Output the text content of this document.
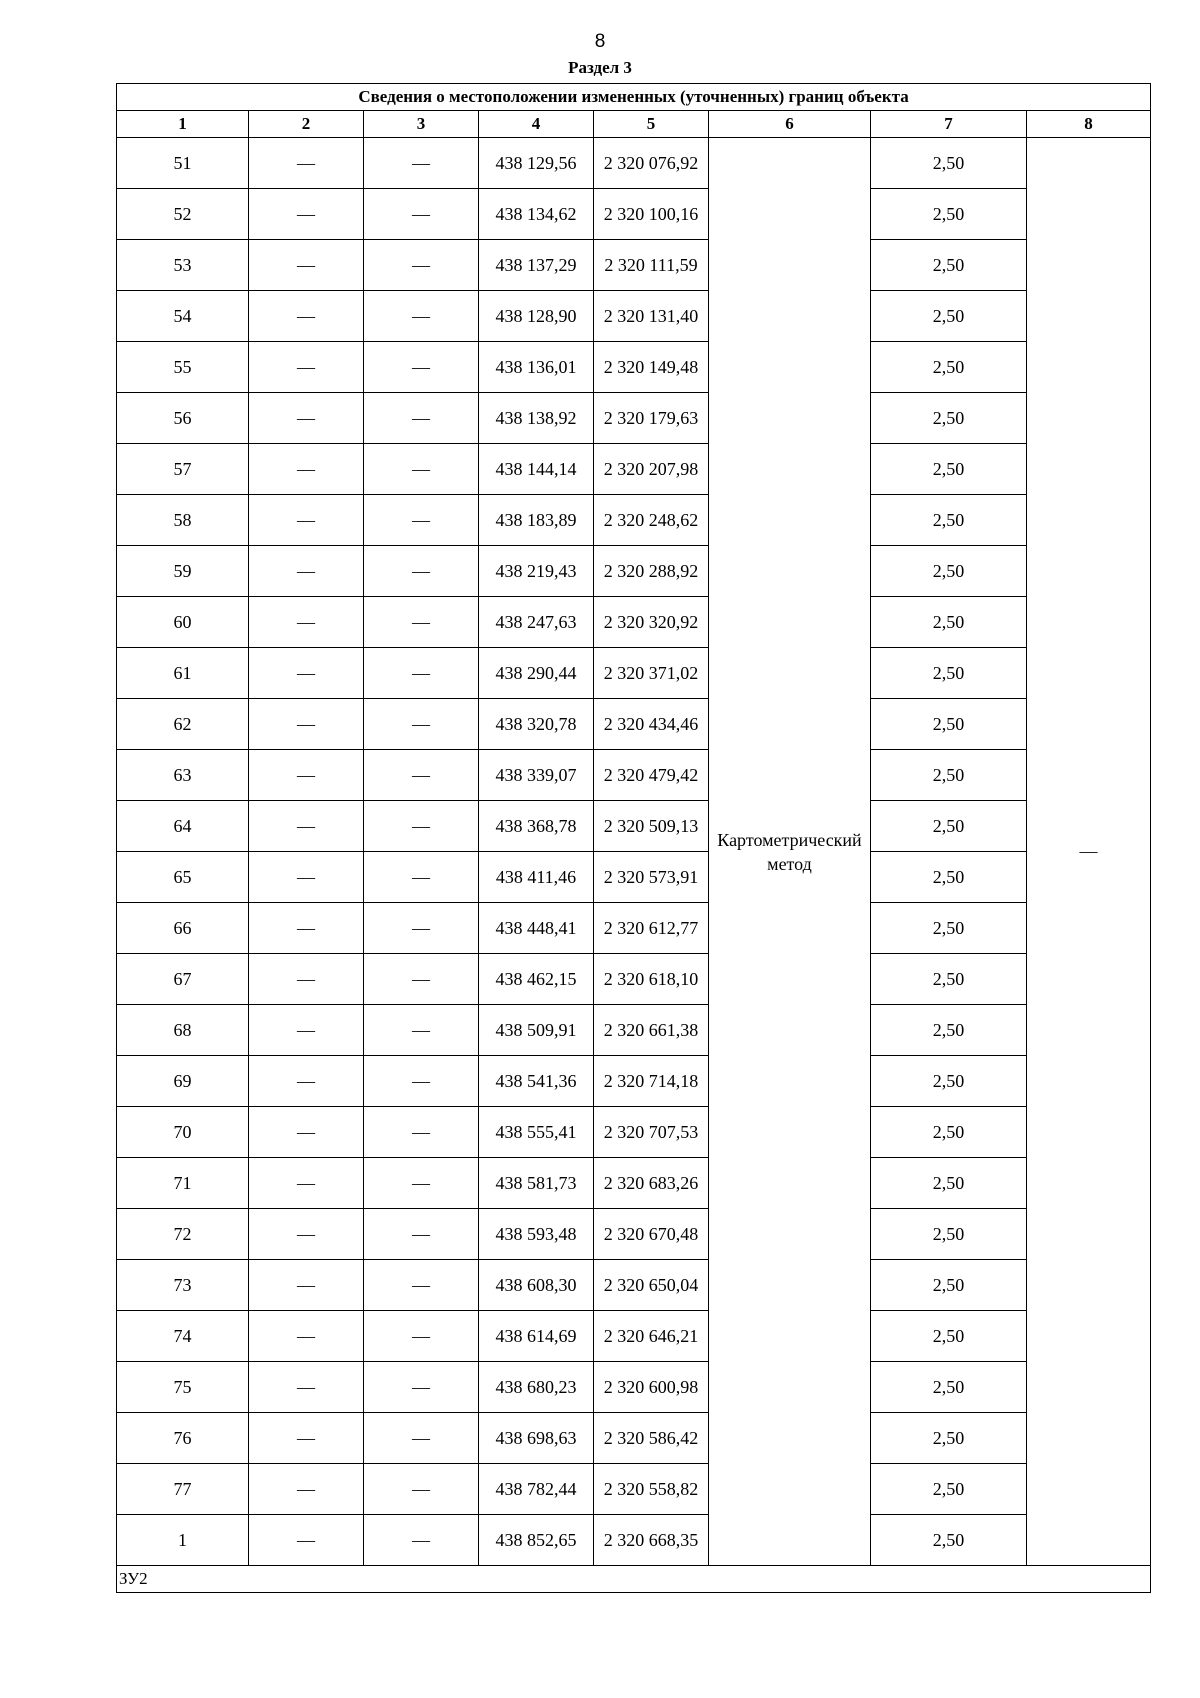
8
Раздел 3
Сведения о местоположении измененных (уточненных) границ объекта							
1	2	3	4	5	6	7	8
51	—	—	438 129,56	2 320 076,92	Картометрический метод	2,50	—
52	—	—	438 134,62	2 320 100,16		2,50	
53	—	—	438 137,29	2 320 111,59		2,50	
54	—	—	438 128,90	2 320 131,40		2,50	
55	—	—	438 136,01	2 320 149,48		2,50	
56	—	—	438 138,92	2 320 179,63		2,50	
57	—	—	438 144,14	2 320 207,98		2,50	
58	—	—	438 183,89	2 320 248,62		2,50	
59	—	—	438 219,43	2 320 288,92		2,50	
60	—	—	438 247,63	2 320 320,92		2,50	
61	—	—	438 290,44	2 320 371,02		2,50	
62	—	—	438 320,78	2 320 434,46		2,50	
63	—	—	438 339,07	2 320 479,42		2,50	
64	—	—	438 368,78	2 320 509,13		2,50	
65	—	—	438 411,46	2 320 573,91		2,50	
66	—	—	438 448,41	2 320 612,77		2,50	
67	—	—	438 462,15	2 320 618,10		2,50	
68	—	—	438 509,91	2 320 661,38		2,50	
69	—	—	438 541,36	2 320 714,18		2,50	
70	—	—	438 555,41	2 320 707,53		2,50	
71	—	—	438 581,73	2 320 683,26		2,50	
72	—	—	438 593,48	2 320 670,48		2,50	
73	—	—	438 608,30	2 320 650,04		2,50	
74	—	—	438 614,69	2 320 646,21		2,50	
75	—	—	438 680,23	2 320 600,98		2,50	
76	—	—	438 698,63	2 320 586,42		2,50	
77	—	—	438 782,44	2 320 558,82		2,50	
1	—	—	438 852,65	2 320 668,35		2,50	
ЗУ2							
